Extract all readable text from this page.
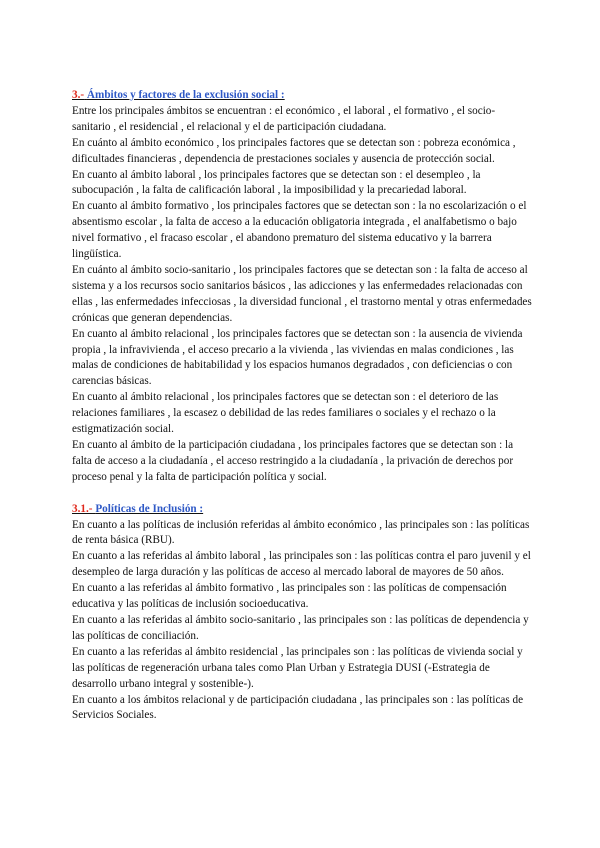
3.- Ámbitos y factores de la exclusión social :

Entre los principales ámbitos se encuentran : el económico , el laboral , el formativo , el socio-sanitario , el residencial , el relacional y el de participación ciudadana.

En cuánto al ámbito económico , los principales factores que se detectan son : pobreza económica , dificultades financieras , dependencia de prestaciones sociales y ausencia de protección social.

En cuanto al ámbito laboral , los principales factores que se detectan son : el desempleo , la subocupación , la falta de calificación laboral , la imposibilidad y la precariedad laboral.

En cuanto al ámbito formativo , los principales factores que se detectan son : la no escolarización o el absentismo escolar , la falta de acceso a la educación obligatoria integrada , el analfabetismo o bajo nivel formativo , el fracaso escolar , el abandono prematuro del sistema educativo y la barrera lingüística.

En cuánto al ámbito socio-sanitario , los principales factores que se detectan son : la falta de acceso al sistema y a los recursos socio sanitarios básicos , las adicciones y las enfermedades relacionadas con ellas , las enfermedades infecciosas , la diversidad funcional , el trastorno mental y otras enfermedades crónicas que generan dependencias.

En cuanto al ámbito relacional , los principales factores que se detectan son : la ausencia de vivienda propia , la infravivienda , el acceso precario a la vivienda , las viviendas en malas condiciones , las malas de condiciones de habitabilidad y los espacios humanos degradados , con deficiencias o con carencias básicas.

En cuanto al ámbito relacional , los principales factores que se detectan son : el deterioro de las relaciones familiares , la escasez o debilidad de las redes familiares o sociales y el rechazo o la estigmatización social.

En cuanto al ámbito de la participación ciudadana , los principales factores que se detectan son : la falta de acceso a la ciudadanía , el acceso restringido a la ciudadanía , la privación de derechos por proceso penal y la falta de participación política y social.

3.1.- Políticas de Inclusión :

En cuanto a las políticas de inclusión referidas al ámbito económico , las principales son : las políticas de renta básica (RBU).

En cuanto a las referidas al ámbito laboral , las principales son : las políticas contra el paro juvenil y el desempleo de larga duración y las políticas de acceso al mercado laboral de mayores de 50 años.

En cuanto a las referidas al ámbito formativo , las principales son : las políticas de compensación educativa y las políticas de inclusión socioeducativa.

En cuanto a las referidas al ámbito socio-sanitario , las principales son : las políticas de dependencia y las políticas de conciliación.

En cuanto a las referidas al ámbito residencial , las principales son : las políticas de vivienda social y las políticas de regeneración urbana tales como Plan Urban y Estrategia DUSI (-Estrategia de desarrollo urbano integral y sostenible-).

En cuanto a los ámbitos relacional y de participación ciudadana , las principales son : las políticas de Servicios Sociales.
